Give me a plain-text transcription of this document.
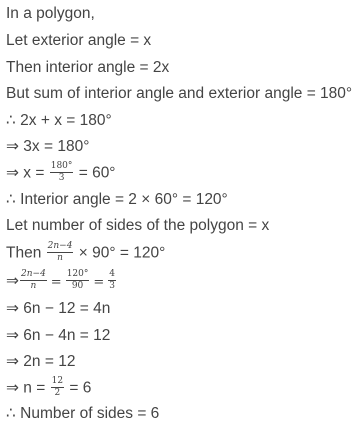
In a polygon,
Let exterior angle = x
Then interior angle = 2x
But sum of interior angle and exterior angle = 180°
∴ 2x + x = 180°
⇒ 3x = 180°
⇒ $x = \frac{180^\circ}{3} = 60^\circ$
∴ Interior angle = 2 × 60° = 120°
Let number of sides of the polygon = x
Then $\frac{2n-4}{n} \times 90^\circ = 120^\circ$
⇒ $\frac{2n-4}{n} = \frac{120^\circ}{90} = \frac{4}{3}$
⇒ 6n − 12 = 4n
⇒ 6n − 4n = 12
⇒ 2n = 12
⇒ $n = \frac{12}{2} = 6$
∴ Number of sides = 6
